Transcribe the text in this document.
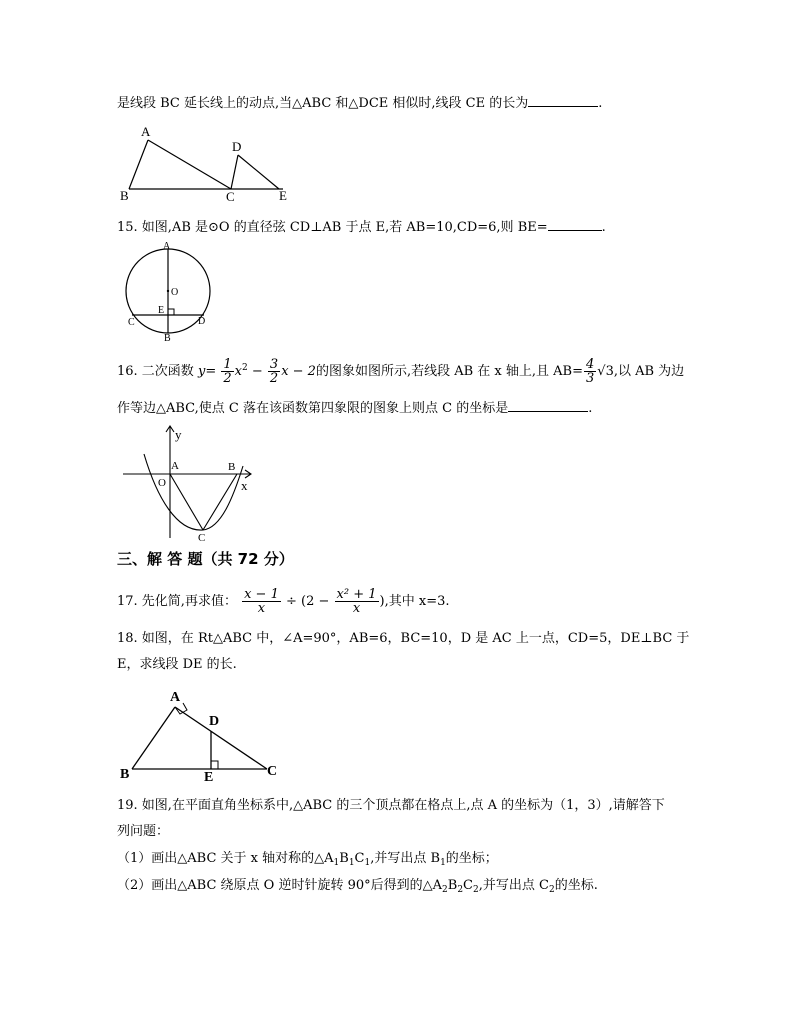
是线段 BC 延长线上的动点,当△ABC 和△DCE 相似时,线段 CE 的长为	.
A
B	C
D
E
15. 如图,AB 是⊙O 的直径弦 CD⊥AB 于点 E,若 AB=10,CD=6,则 BE=	.
A
O
E
C	D
B
16. 二次函数 $y= \frac{1}{2} x^2 - \frac{3}{2}$ x − 2的图象如图所示,若线段 AB 在 x 轴上,且 $AB= \frac{4}{3} √3$,以 AB 为边
作等边△ABC,使点 C 落在该函数第四象限的图象上则点 C 的坐标是	.
y
A	B
O	x
C
三、解 答 题（共 72 分）
17. 先化简,再求值： $\frac{x - 1}{x} \div (2 - \frac{\text{x² + 1}}{x}$ ),其中 x=3.
18. 如图，在 Rt△ABC 中，∠A=90°，AB=6，BC=10，D 是 AC 上一点，CD=5，DE⊥BC 于
E，求线段 DE 的长.
A
B	C
D
E
19. 如图,在平面直角坐标系中,△ABC 的三个顶点都在格点上,点 A 的坐标为（1，3）,请解答下
列问题：
（1）画出△ABC 关于 x 轴对称的$\triangle A_1B_1C_1$,并写出点 $B_1$的坐标；
（2）画出△ABC 绕原点 O 逆时针旋转 90°后得到的$\triangle A_2B_2C_2$,并写出点 $C_2$的坐标.
